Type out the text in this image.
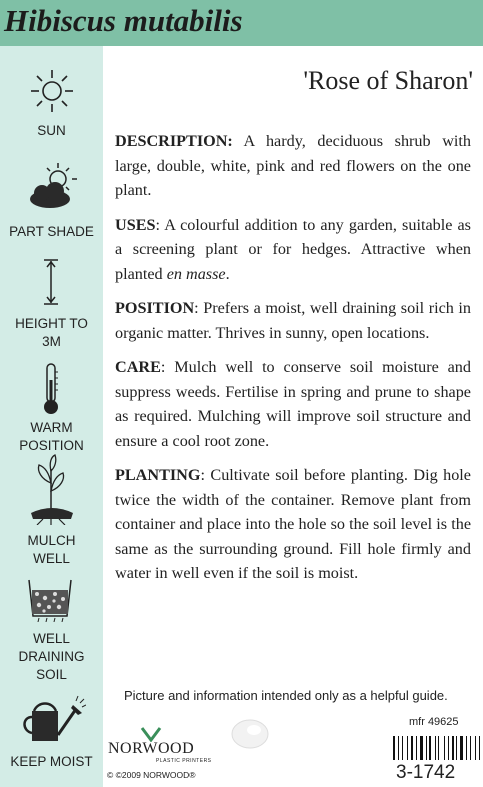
Hibiscus mutabilis
SUN
PART SHADE
HEIGHT TO
3M
WARM
POSITION
MULCH
WELL
WELL
DRAINING
SOIL
KEEP MOIST
'Rose of Sharon'

DESCRIPTION: A hardy, deciduous shrub with large, double, white, pink and red flowers on the one plant.

USES: A colourful addition to any garden, suitable as a screening plant or for hedges. Attractive when planted en masse.

POSITION: Prefers a moist, well draining soil rich in organic matter. Thrives in sunny, open locations.

CARE: Mulch well to conserve soil moisture and suppress weeds. Fertilise in spring and prune to shape as required. Mulching will improve soil structure and ensure a cool root zone.

PLANTING: Cultivate soil before planting. Dig hole twice the width of the container. Remove plant from container and place into the hole so the soil level is the same as the surrounding ground. Fill hole firmly and water in well even if the soil is moist.

Picture and information intended only as a helpful guide.
mfr 49625
NORWOOD
PLASTIC PRINTERS
© ©2009 NORWOOD®	3-1742
